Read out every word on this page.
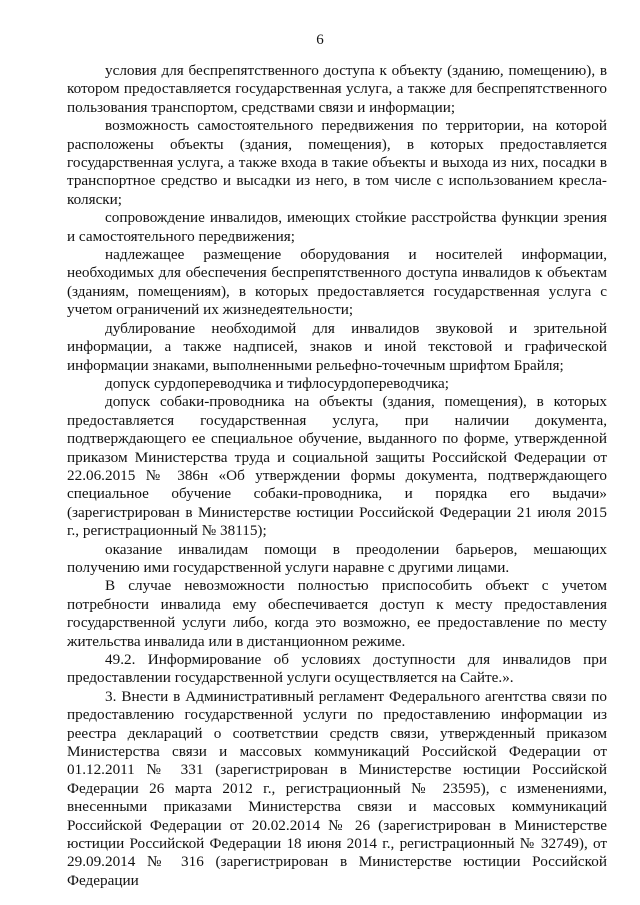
6

условия для беспрепятственного доступа к объекту (зданию, помещению), в котором предоставляется государственная услуга, а также для беспрепятственного пользования транспортом, средствами связи и информации;

возможность самостоятельного передвижения по территории, на которой расположены объекты (здания, помещения), в которых предоставляется государственная услуга, а также входа в такие объекты и выхода из них, посадки в транспортное средство и высадки из него, в том числе с использованием кресла-коляски;

сопровождение инвалидов, имеющих стойкие расстройства функции зрения и самостоятельного передвижения;

надлежащее размещение оборудования и носителей информации, необходимых для обеспечения беспрепятственного доступа инвалидов к объектам (зданиям, помещениям), в которых предоставляется государственная услуга с учетом ограничений их жизнедеятельности;

дублирование необходимой для инвалидов звуковой и зрительной информации, а также надписей, знаков и иной текстовой и графической информации знаками, выполненными рельефно-точечным шрифтом Брайля;

допуск сурдопереводчика и тифлосурдопереводчика;

допуск собаки-проводника на объекты (здания, помещения), в которых предоставляется государственная услуга, при наличии документа, подтверждающего ее специальное обучение, выданного по форме, утвержденной приказом Министерства труда и социальной защиты Российской Федерации от 22.06.2015 № 386н «Об утверждении формы документа, подтверждающего специальное обучение собаки-проводника, и порядка его выдачи» (зарегистрирован в Министерстве юстиции Российской Федерации 21 июля 2015 г., регистрационный № 38115);

оказание инвалидам помощи в преодолении барьеров, мешающих получению ими государственной услуги наравне с другими лицами.

В случае невозможности полностью приспособить объект с учетом потребности инвалида ему обеспечивается доступ к месту предоставления государственной услуги либо, когда это возможно, ее предоставление по месту жительства инвалида или в дистанционном режиме.

49.2. Информирование об условиях доступности для инвалидов при предоставлении государственной услуги осуществляется на Сайте.».

3. Внести в Административный регламент Федерального агентства связи по предоставлению государственной услуги по предоставлению информации из реестра деклараций о соответствии средств связи, утвержденный приказом Министерства связи и массовых коммуникаций Российской Федерации от 01.12.2011 № 331 (зарегистрирован в Министерстве юстиции Российской Федерации 26 марта 2012 г., регистрационный № 23595), с изменениями, внесенными приказами Министерства связи и массовых коммуникаций Российской Федерации от 20.02.2014 № 26 (зарегистрирован в Министерстве юстиции Российской Федерации 18 июня 2014 г., регистрационный № 32749), от 29.09.2014 № 316 (зарегистрирован в Министерстве юстиции Российской Федерации
